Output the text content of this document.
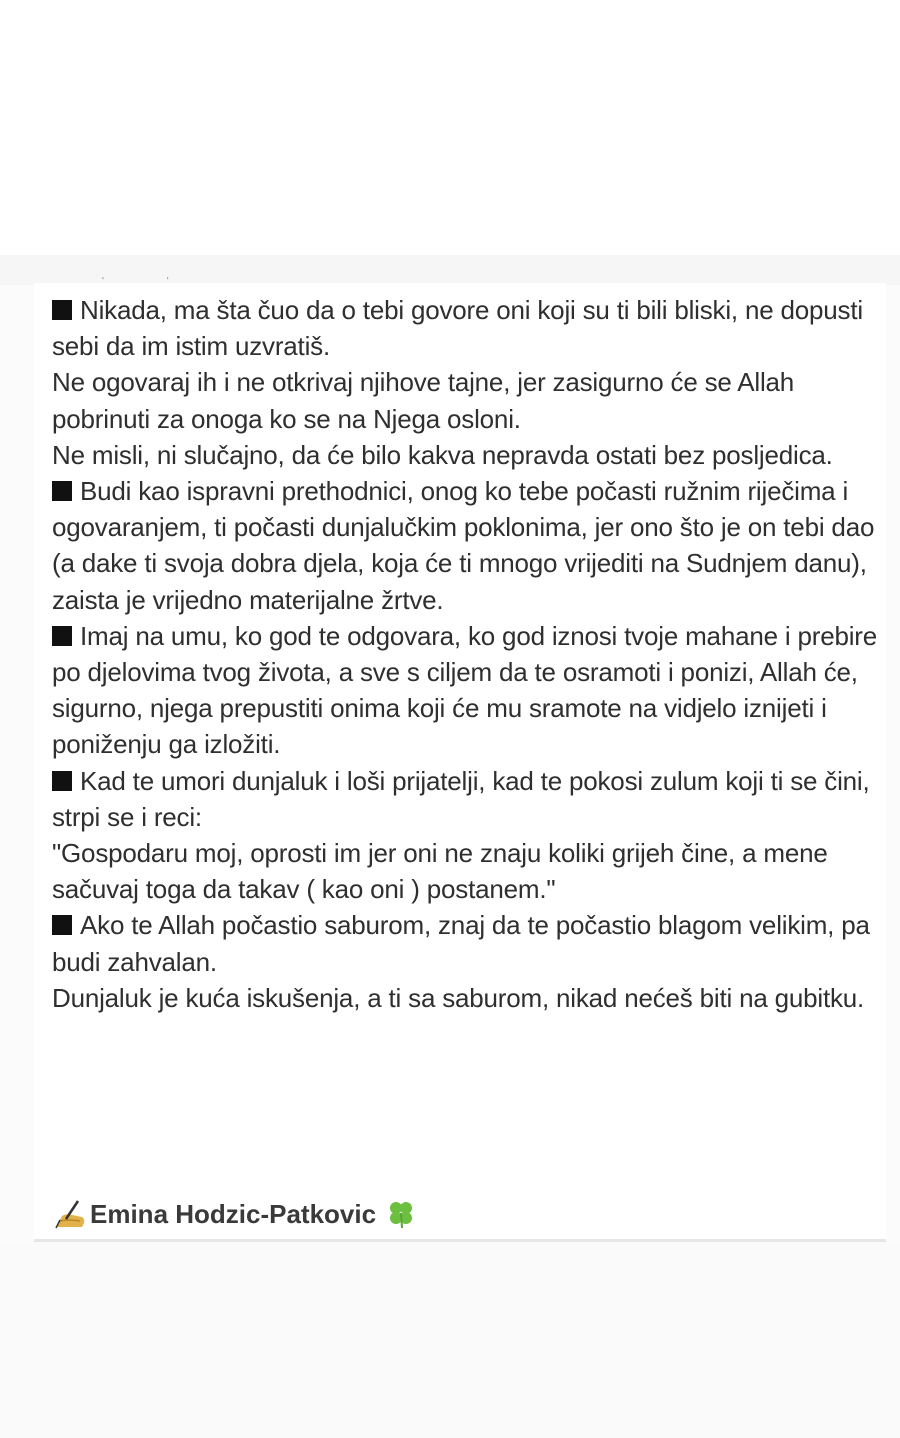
' '

Nikada, ma šta čuo da o tebi govore oni koji su ti bili bliski, ne dopusti sebi da im istim uzvratiš.

Ne ogovaraj ih i ne otkrivaj njihove tajne, jer zasigurno će se Allah pobrinuti za onoga ko se na Njega osloni.

Ne misli, ni slučajno, da će bilo kakva nepravda ostati bez posljedica.

Budi kao ispravni prethodnici, onog ko tebe počasti ružnim riječima i ogovaranjem, ti počasti dunjalučkim poklonima, jer ono što je on tebi dao (a dake ti svoja dobra djela, koja će ti mnogo vrijediti na Sudnjem danu), zaista je vrijedno materijalne žrtve.

Imaj na umu, ko god te odgovara, ko god iznosi tvoje mahane i prebire po djelovima tvog života, a sve s ciljem da te osramoti i ponizi, Allah će, sigurno, njega prepustiti onima koji će mu sramote na vidjelo iznijeti i poniženju ga izložiti.

Kad te umori dunjaluk i loši prijatelji, kad te pokosi zulum koji ti se čini, strpi se i reci:

"Gospodaru moj, oprosti im jer oni ne znaju koliki grijeh čine, a mene sačuvaj toga da takav ( kao oni ) postanem."

Ako te Allah počastio saburom, znaj da te počastio blagom velikim, pa budi zahvalan.

Dunjaluk je kuća iskušenja, a ti sa saburom, nikad nećeš biti na gubitku.

Emina Hodzic-Patkovic
